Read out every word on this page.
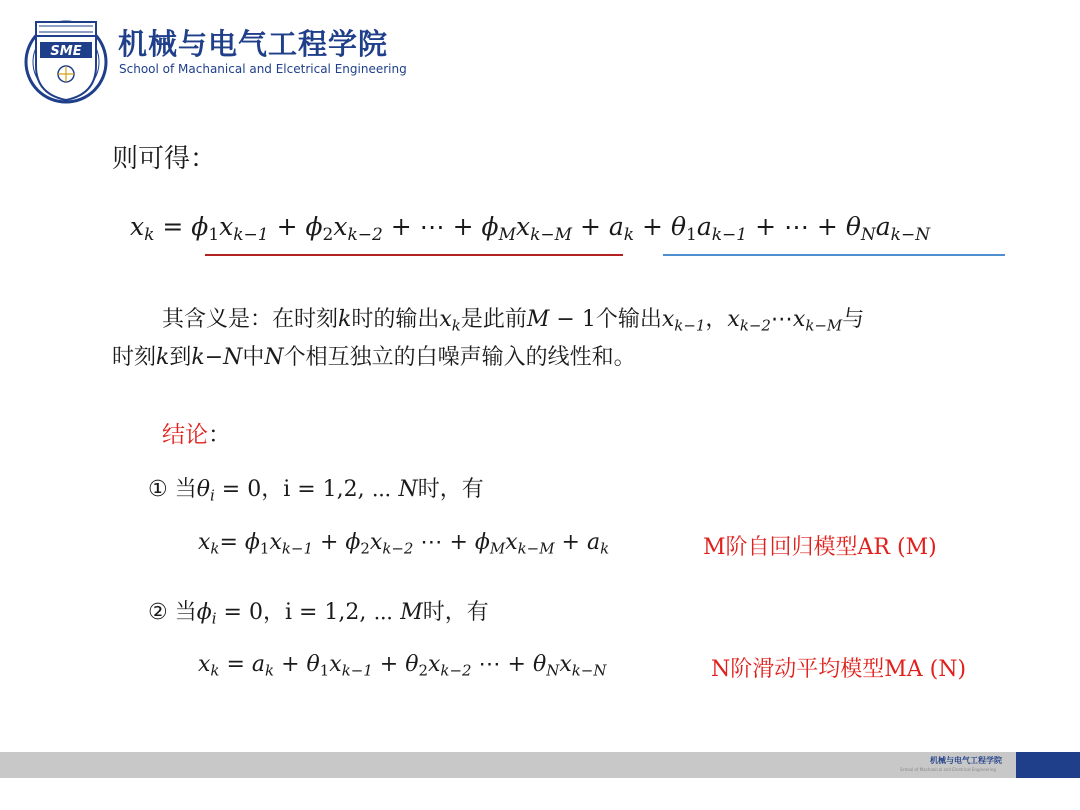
SME 机械与电气工程学院
School of Machanical and Elcetrical Engineering
则可得：
$x_k = \phi_1x_{k-1} + \phi_2x_{k-2}$ + ⋯ + $\phi_Mx_{k-M} + a_k + \theta_1a_{k-1}$ + ⋯ + $\theta_Na_{k-N}$
其含义是：在时刻k时的输出$x_k$是此前M − 1个输出$x_{k-1}$，$x_{k-2}\cdots x_{k-M}$与
时刻k到k−N中N个相互独立的白噪声输入的线性和。
结论：
① 当$\theta_i = 0$，i = 1,2, ⋯ N时，有
$x_k= \phi_1x_{k-1} + \phi_2x_{k-2}$ ⋯ + $\phi_Mx_{k-M} + a_k$	M阶自回归模型AR (M)
② 当$\phi_i = 0$，i = 1,2, ⋯ M时，有
$x_k = a_k + \theta_1x_{k-1} + \theta_2x_{k-2}$ ⋯ + $\theta_Nx_{k-N}$	N阶滑动平均模型MA (N)
机械与电气工程学院
School of Machanical and Elcetrical Engineering
